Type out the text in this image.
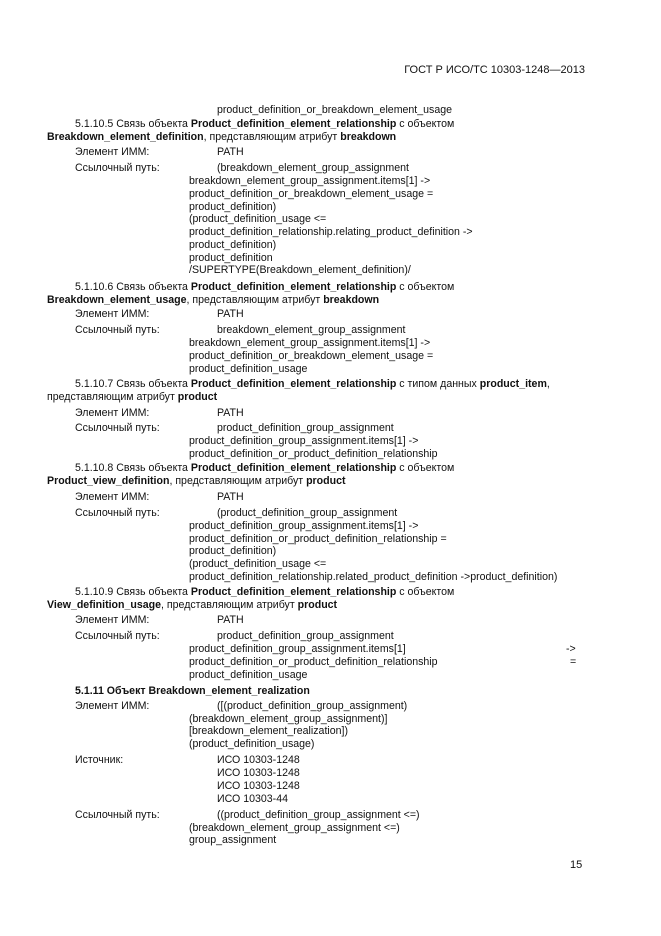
ГОСТ Р ИСО/ТС 10303-1248—2013
product_definition_or_breakdown_element_usage
5.1.10.5 Связь объекта Product_definition_element_relationship с объектом
Breakdown_element_definition, представляющим атрибут breakdown
Элемент ИММ:	PATH
Ссылочный путь:	(breakdown_element_group_assignment
breakdown_element_group_assignment.items[1] ->
product_definition_or_breakdown_element_usage =
product_definition)
(product_definition_usage <=
product_definition_relationship.relating_product_definition ->
product_definition)
product_definition
/SUPERTYPE(Breakdown_element_definition)/
5.1.10.6 Связь объекта Product_definition_element_relationship с объектом
Breakdown_element_usage, представляющим атрибут breakdown
Элемент ИММ:	PATH
Ссылочный путь:	breakdown_element_group_assignment
breakdown_element_group_assignment.items[1] ->
product_definition_or_breakdown_element_usage =
product_definition_usage
5.1.10.7 Связь объекта Product_definition_element_relationship с типом данных product_item,
представляющим атрибут product
Элемент ИММ:	PATH
Ссылочный путь:	product_definition_group_assignment
product_definition_group_assignment.items[1] ->
product_definition_or_product_definition_relationship
5.1.10.8 Связь объекта Product_definition_element_relationship с объектом
Product_view_definition, представляющим атрибут product
Элемент ИММ:	PATH
Ссылочный путь:	(product_definition_group_assignment
product_definition_group_assignment.items[1] ->
product_definition_or_product_definition_relationship =
product_definition)
(product_definition_usage <=
product_definition_relationship.related_product_definition ->product_definition)
5.1.10.9 Связь объекта Product_definition_element_relationship с объектом
View_definition_usage, представляющим атрибут product
Элемент ИММ:	PATH
Ссылочный путь:	product_definition_group_assignment
product_definition_group_assignment.items[1]	->
product_definition_or_product_definition_relationship	=
product_definition_usage
5.1.11 Объект Breakdown_element_realization
Элемент ИММ:	([(product_definition_group_assignment)
(breakdown_element_group_assignment)]
[breakdown_element_realization])
(product_definition_usage)
Источник:	ИСО 10303-1248
ИСО 10303-1248
ИСО 10303-1248
ИСО 10303-44
Ссылочный путь:	((product_definition_group_assignment <=)
(breakdown_element_group_assignment <=)
group_assignment
15
